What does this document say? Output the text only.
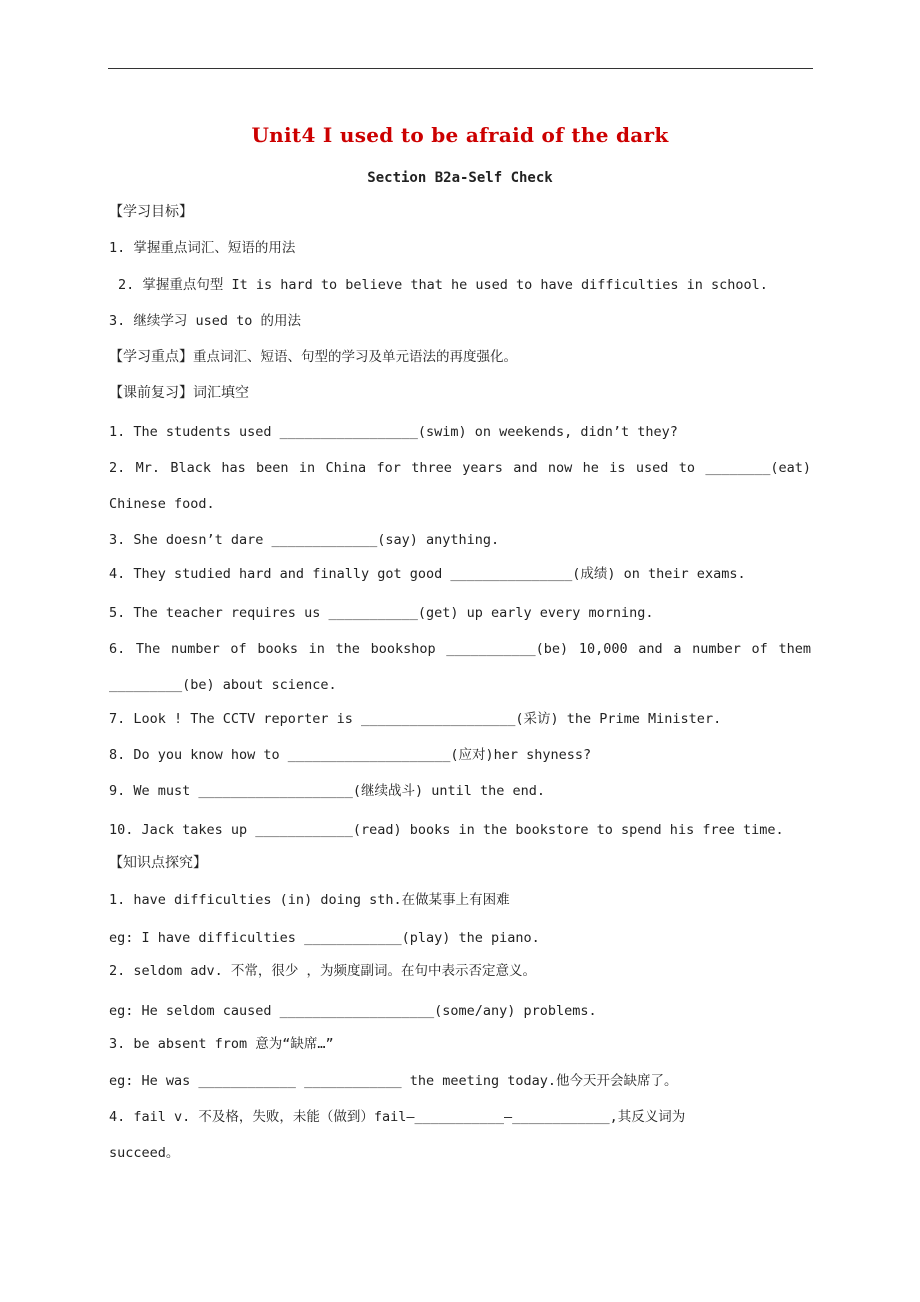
Unit4 I used to be afraid of the dark
Section B2a-Self Check
【学习目标】
1. 掌握重点词汇、短语的用法
2. 掌握重点句型 It is hard to believe that he used to have difficulties in school.
3. 继续学习 used to 的用法
【学习重点】重点词汇、短语、句型的学习及单元语法的再度强化。
【课前复习】词汇填空
1. The students used _________________(swim) on weekends, didn’t they?
2. Mr. Black has been in China for three years and now he is used to ________(eat)
Chinese food.
3. She doesn’t dare _____________(say) anything.
4. They studied hard and finally got good _______________(成绩) on their exams.
5. The teacher requires us ___________(get) up early every morning.
6. The number of books in the bookshop ___________(be) 10,000 and a number of them
_________(be) about science.
7. Look ! The CCTV reporter is ___________________(采访) the Prime Minister.
8. Do you know how to ____________________(应对)her shyness?
9. We must ___________________(继续战斗) until the end.
10. Jack takes up ____________(read) books in the bookstore to spend his free time.
【知识点探究】
1. have difficulties (in) doing sth.在做某事上有困难
eg: I have difficulties ____________(play) the piano.
2. seldom adv. 不常，很少 ，为频度副词。在句中表示否定意义。
eg: He seldom caused ___________________(some/any) problems.
3. be absent from 意为“缺席…”
eg: He was ____________ ____________ the meeting today.他今天开会缺席了。
4. fail v. 不及格，失败，未能（做到）fail—___________—____________,其反义词为
succeed。
